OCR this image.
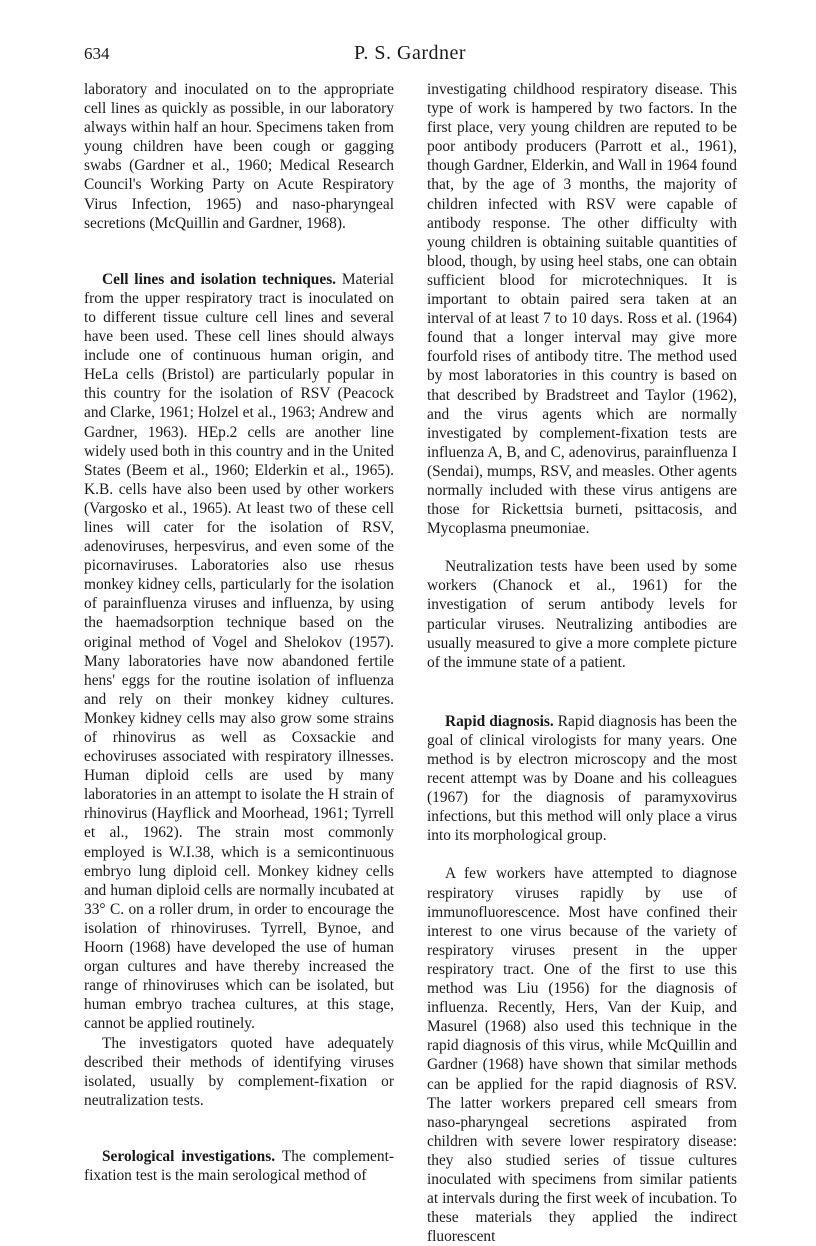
634	P. S. Gardner

laboratory and inoculated on to the appropriate cell lines as quickly as possible, in our laboratory always within half an hour. Specimens taken from young children have been cough or gagging swabs (Gardner et al., 1960; Medical Research Council's Working Party on Acute Respiratory Virus Infection, 1965) and naso-pharyngeal secretions (McQuillin and Gardner, 1968).

Cell lines and isolation techniques. Material from the upper respiratory tract is inoculated on to different tissue culture cell lines and several have been used. These cell lines should always include one of continuous human origin, and HeLa cells (Bristol) are particularly popular in this country for the isolation of RSV (Peacock and Clarke, 1961; Holzel et al., 1963; Andrew and Gardner, 1963). HEp.2 cells are another line widely used both in this country and in the United States (Beem et al., 1960; Elderkin et al., 1965). K.B. cells have also been used by other workers (Vargosko et al., 1965). At least two of these cell lines will cater for the isolation of RSV, adenoviruses, herpesvirus, and even some of the picornaviruses. Laboratories also use rhesus monkey kidney cells, particularly for the isolation of parainfluenza viruses and influenza, by using the haemadsorption technique based on the original method of Vogel and Shelokov (1957). Many laboratories have now abandoned fertile hens' eggs for the routine isolation of influenza and rely on their monkey kidney cultures. Monkey kidney cells may also grow some strains of rhinovirus as well as Coxsackie and echoviruses associated with respiratory illnesses. Human diploid cells are used by many laboratories in an attempt to isolate the H strain of rhinovirus (Hayflick and Moorhead, 1961; Tyrrell et al., 1962). The strain most commonly employed is W.I.38, which is a semicontinuous embryo lung diploid cell. Monkey kidney cells and human diploid cells are normally incubated at 33° C. on a roller drum, in order to encourage the isolation of rhinoviruses. Tyrrell, Bynoe, and Hoorn (1968) have developed the use of human organ cultures and have thereby increased the range of rhinoviruses which can be isolated, but human embryo trachea cultures, at this stage, cannot be applied routinely.

The investigators quoted have adequately described their methods of identifying viruses isolated, usually by complement-fixation or neutralization tests.

Serological investigations. The complement-fixation test is the main serological method of

investigating childhood respiratory disease. This type of work is hampered by two factors. In the first place, very young children are reputed to be poor antibody producers (Parrott et al., 1961), though Gardner, Elderkin, and Wall in 1964 found that, by the age of 3 months, the majority of children infected with RSV were capable of antibody response. The other difficulty with young children is obtaining suitable quantities of blood, though, by using heel stabs, one can obtain sufficient blood for microtechniques. It is important to obtain paired sera taken at an interval of at least 7 to 10 days. Ross et al. (1964) found that a longer interval may give more fourfold rises of antibody titre. The method used by most laboratories in this country is based on that described by Bradstreet and Taylor (1962), and the virus agents which are normally investigated by complement-fixation tests are influenza A, B, and C, adenovirus, parainfluenza I (Sendai), mumps, RSV, and measles. Other agents normally included with these virus antigens are those for Rickettsia burneti, psittacosis, and Mycoplasma pneumoniae.

Neutralization tests have been used by some workers (Chanock et al., 1961) for the investigation of serum antibody levels for particular viruses. Neutralizing antibodies are usually measured to give a more complete picture of the immune state of a patient.

Rapid diagnosis. Rapid diagnosis has been the goal of clinical virologists for many years. One method is by electron microscopy and the most recent attempt was by Doane and his colleagues (1967) for the diagnosis of paramyxovirus infections, but this method will only place a virus into its morphological group.

A few workers have attempted to diagnose respiratory viruses rapidly by use of immunofluorescence. Most have confined their interest to one virus because of the variety of respiratory viruses present in the upper respiratory tract. One of the first to use this method was Liu (1956) for the diagnosis of influenza. Recently, Hers, Van der Kuip, and Masurel (1968) also used this technique in the rapid diagnosis of this virus, while McQuillin and Gardner (1968) have shown that similar methods can be applied for the rapid diagnosis of RSV. The latter workers prepared cell smears from naso-pharyngeal secretions aspirated from children with severe lower respiratory disease: they also studied series of tissue cultures inoculated with specimens from similar patients at intervals during the first week of incubation. To these materials they applied the indirect fluorescent
